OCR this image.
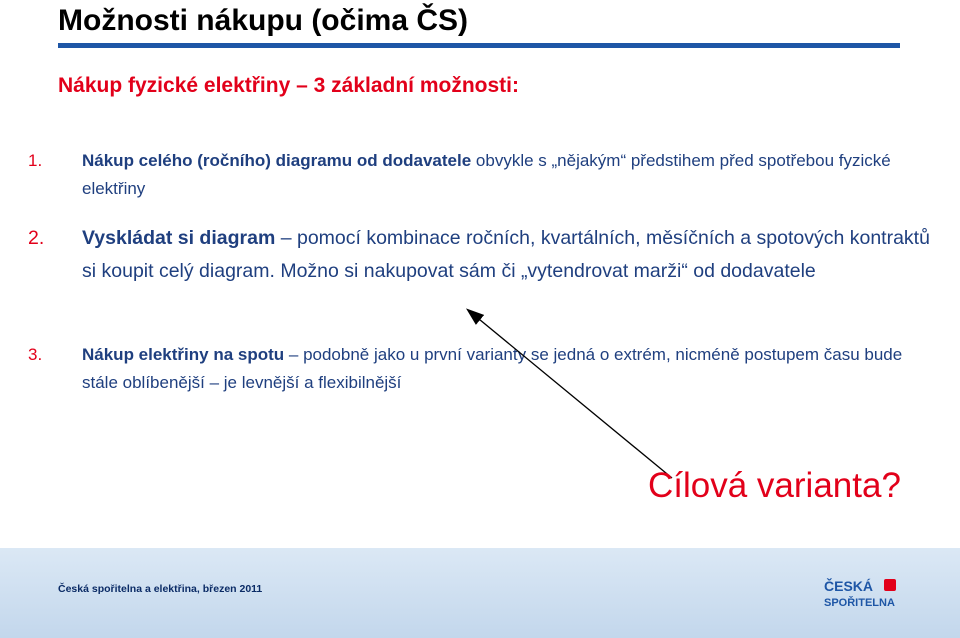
Možnosti nákupu (očima ČS)
Nákup fyzické elektřiny – 3 základní možnosti:
1. Nákup celého (ročního) diagramu od dodavatele obvykle s „nějakým“ předstihem před spotřebou fyzické elektřiny
2. Vyskládat si diagram – pomocí kombinace ročních, kvartálních, měsíčních a spotových kontraktů si koupit celý diagram. Možno si nakupovat sám či „vytendrovat marži“ od dodavatele
3. Nákup elektřiny na spotu – podobně jako u první varianty se jedná o extrém, nicméně postupem času bude stále oblíbenější – je levnější a flexibilnější
Cílová varianta?
Česká spořitelna a elektřina, březen 2011	ČESKÁ
SPOŘITELNA
